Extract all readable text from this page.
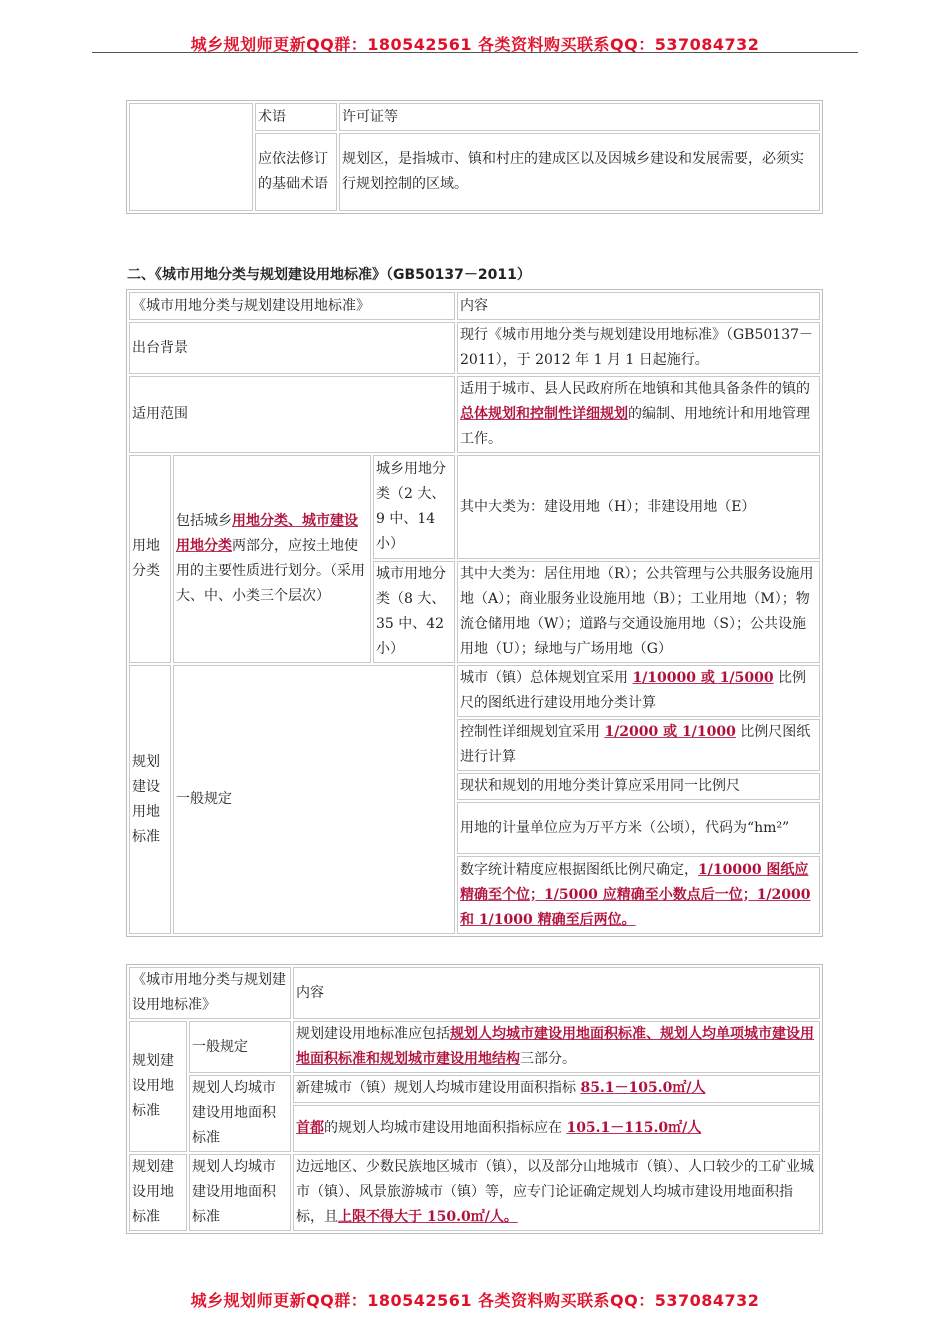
城乡规划师更新QQ群：180542561 各类资料购买联系QQ：537084732
	术语	许可证等
	应依法修订的基础术语	规划区，是指城市、镇和村庄的建成区以及因城乡建设和发展需要，必须实行规划控制的区域。
二、《城市用地分类与规划建设用地标准》（GB50137－2011）
《城市用地分类与规划建设用地标准》			内容
出台背景			现行《城市用地分类与规划建设用地标准》（GB50137－2011），于 2012 年 1 月 1 日起施行。
适用范围			适用于城市、县人民政府所在地镇和其他具备条件的镇的总体规划和控制性详细规划的编制、用地统计和用地管理工作。
用地分类	包括城乡用地分类、城市建设用地分类两部分，应按土地使用的主要性质进行划分。（采用大、中、小类三个层次）	城乡用地分类（2 大、9 中、14 小）	其中大类为：建设用地（H）；非建设用地（E）
		城市用地分类（8 大、35 中、42 小）	其中大类为：居住用地（R）；公共管理与公共服务设施用地（A）；商业服务业设施用地（B）；工业用地（M）；物流仓储用地（W）；道路与交通设施用地（S）；公共设施用地（U）；绿地与广场用地（G）
规划建设用地标准	一般规定		城市（镇）总体规划宜采用 1/10000 或 1/5000 比例尺的图纸进行建设用地分类计算
			控制性详细规划宜采用 1/2000 或 1/1000 比例尺图纸进行计算
			现状和规划的用地分类计算应采用同一比例尺
			用地的计量单位应为万平方米（公顷），代码为“hm²”
			数字统计精度应根据图纸比例尺确定，1/10000 图纸应精确至个位；1/5000 应精确至小数点后一位；1/2000 和 1/1000 精确至后两位。
《城市用地分类与规划建设用地标准》		内容
规划建设用地标准	一般规定	规划建设用地标准应包括规划人均城市建设用地面积标准、规划人均单项城市建设用地面积标准和规划城市建设用地结构三部分。
	规划人均城市建设用地面积标准	新建城市（镇）规划人均城市建设用面积指标 85.1－105.0㎡/人
		首都的规划人均城市建设用地面积指标应在 105.1－115.0㎡/人
规划建设用地标准	规划人均城市建设用地面积标准	边远地区、少数民族地区城市（镇），以及部分山地城市（镇）、人口较少的工矿业城市（镇）、风景旅游城市（镇）等，应专门论证确定规划人均城市建设用地面积指标，且上限不得大于 150.0㎡/人。
城乡规划师更新QQ群：180542561 各类资料购买联系QQ：537084732
